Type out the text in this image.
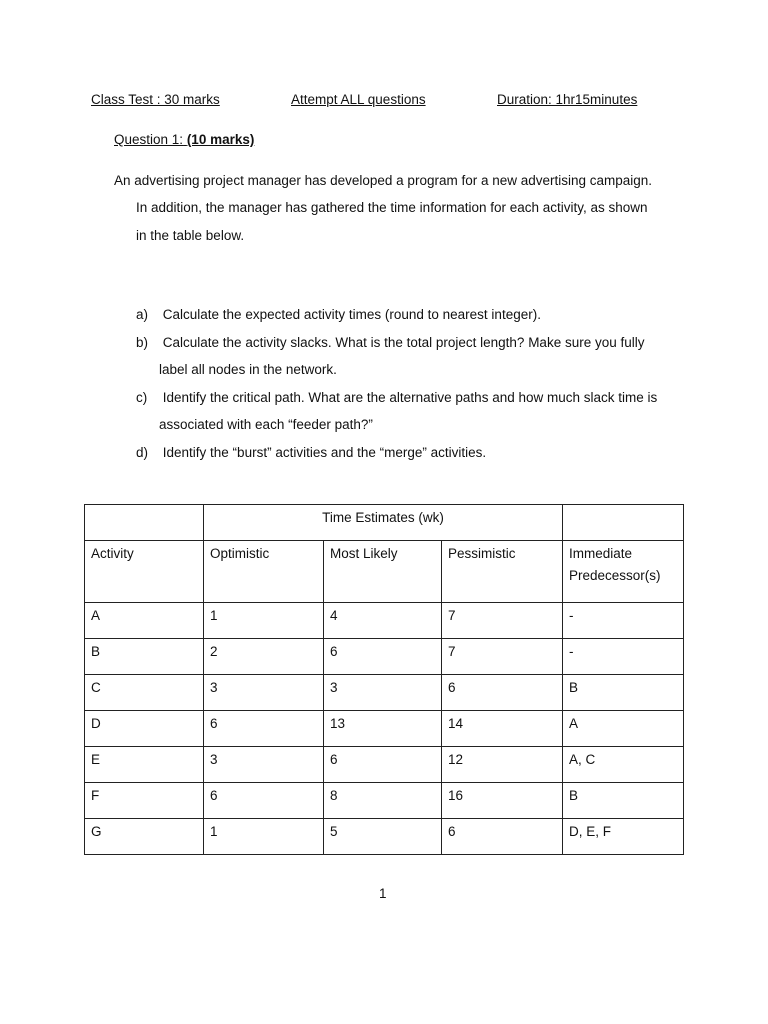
Class Test : 30 marks	Attempt ALL questions	Duration: 1hr15minutes
Question 1: (10 marks)
An advertising project manager has developed a program for a new advertising campaign.
In addition, the manager has gathered the time information for each activity, as shown
in the table below.
a) Calculate the expected activity times (round to nearest integer).
b) Calculate the activity slacks. What is the total project length? Make sure you fully
label all nodes in the network.
c) Identify the critical path. What are the alternative paths and how much slack time is
associated with each “feeder path?”
d) Identify the “burst” activities and the “merge” activities.
	Time Estimates (wk)			
Activity	Optimistic	Most Likely	Pessimistic	Immediate
Predecessor(s)

A	1	4	7	-
B	2	6	7	-
C	3	3	6	B
D	6	13	14	A
E	3	6	12	A, C
F	6	8	16	B
G	1	5	6	D, E, F
1
